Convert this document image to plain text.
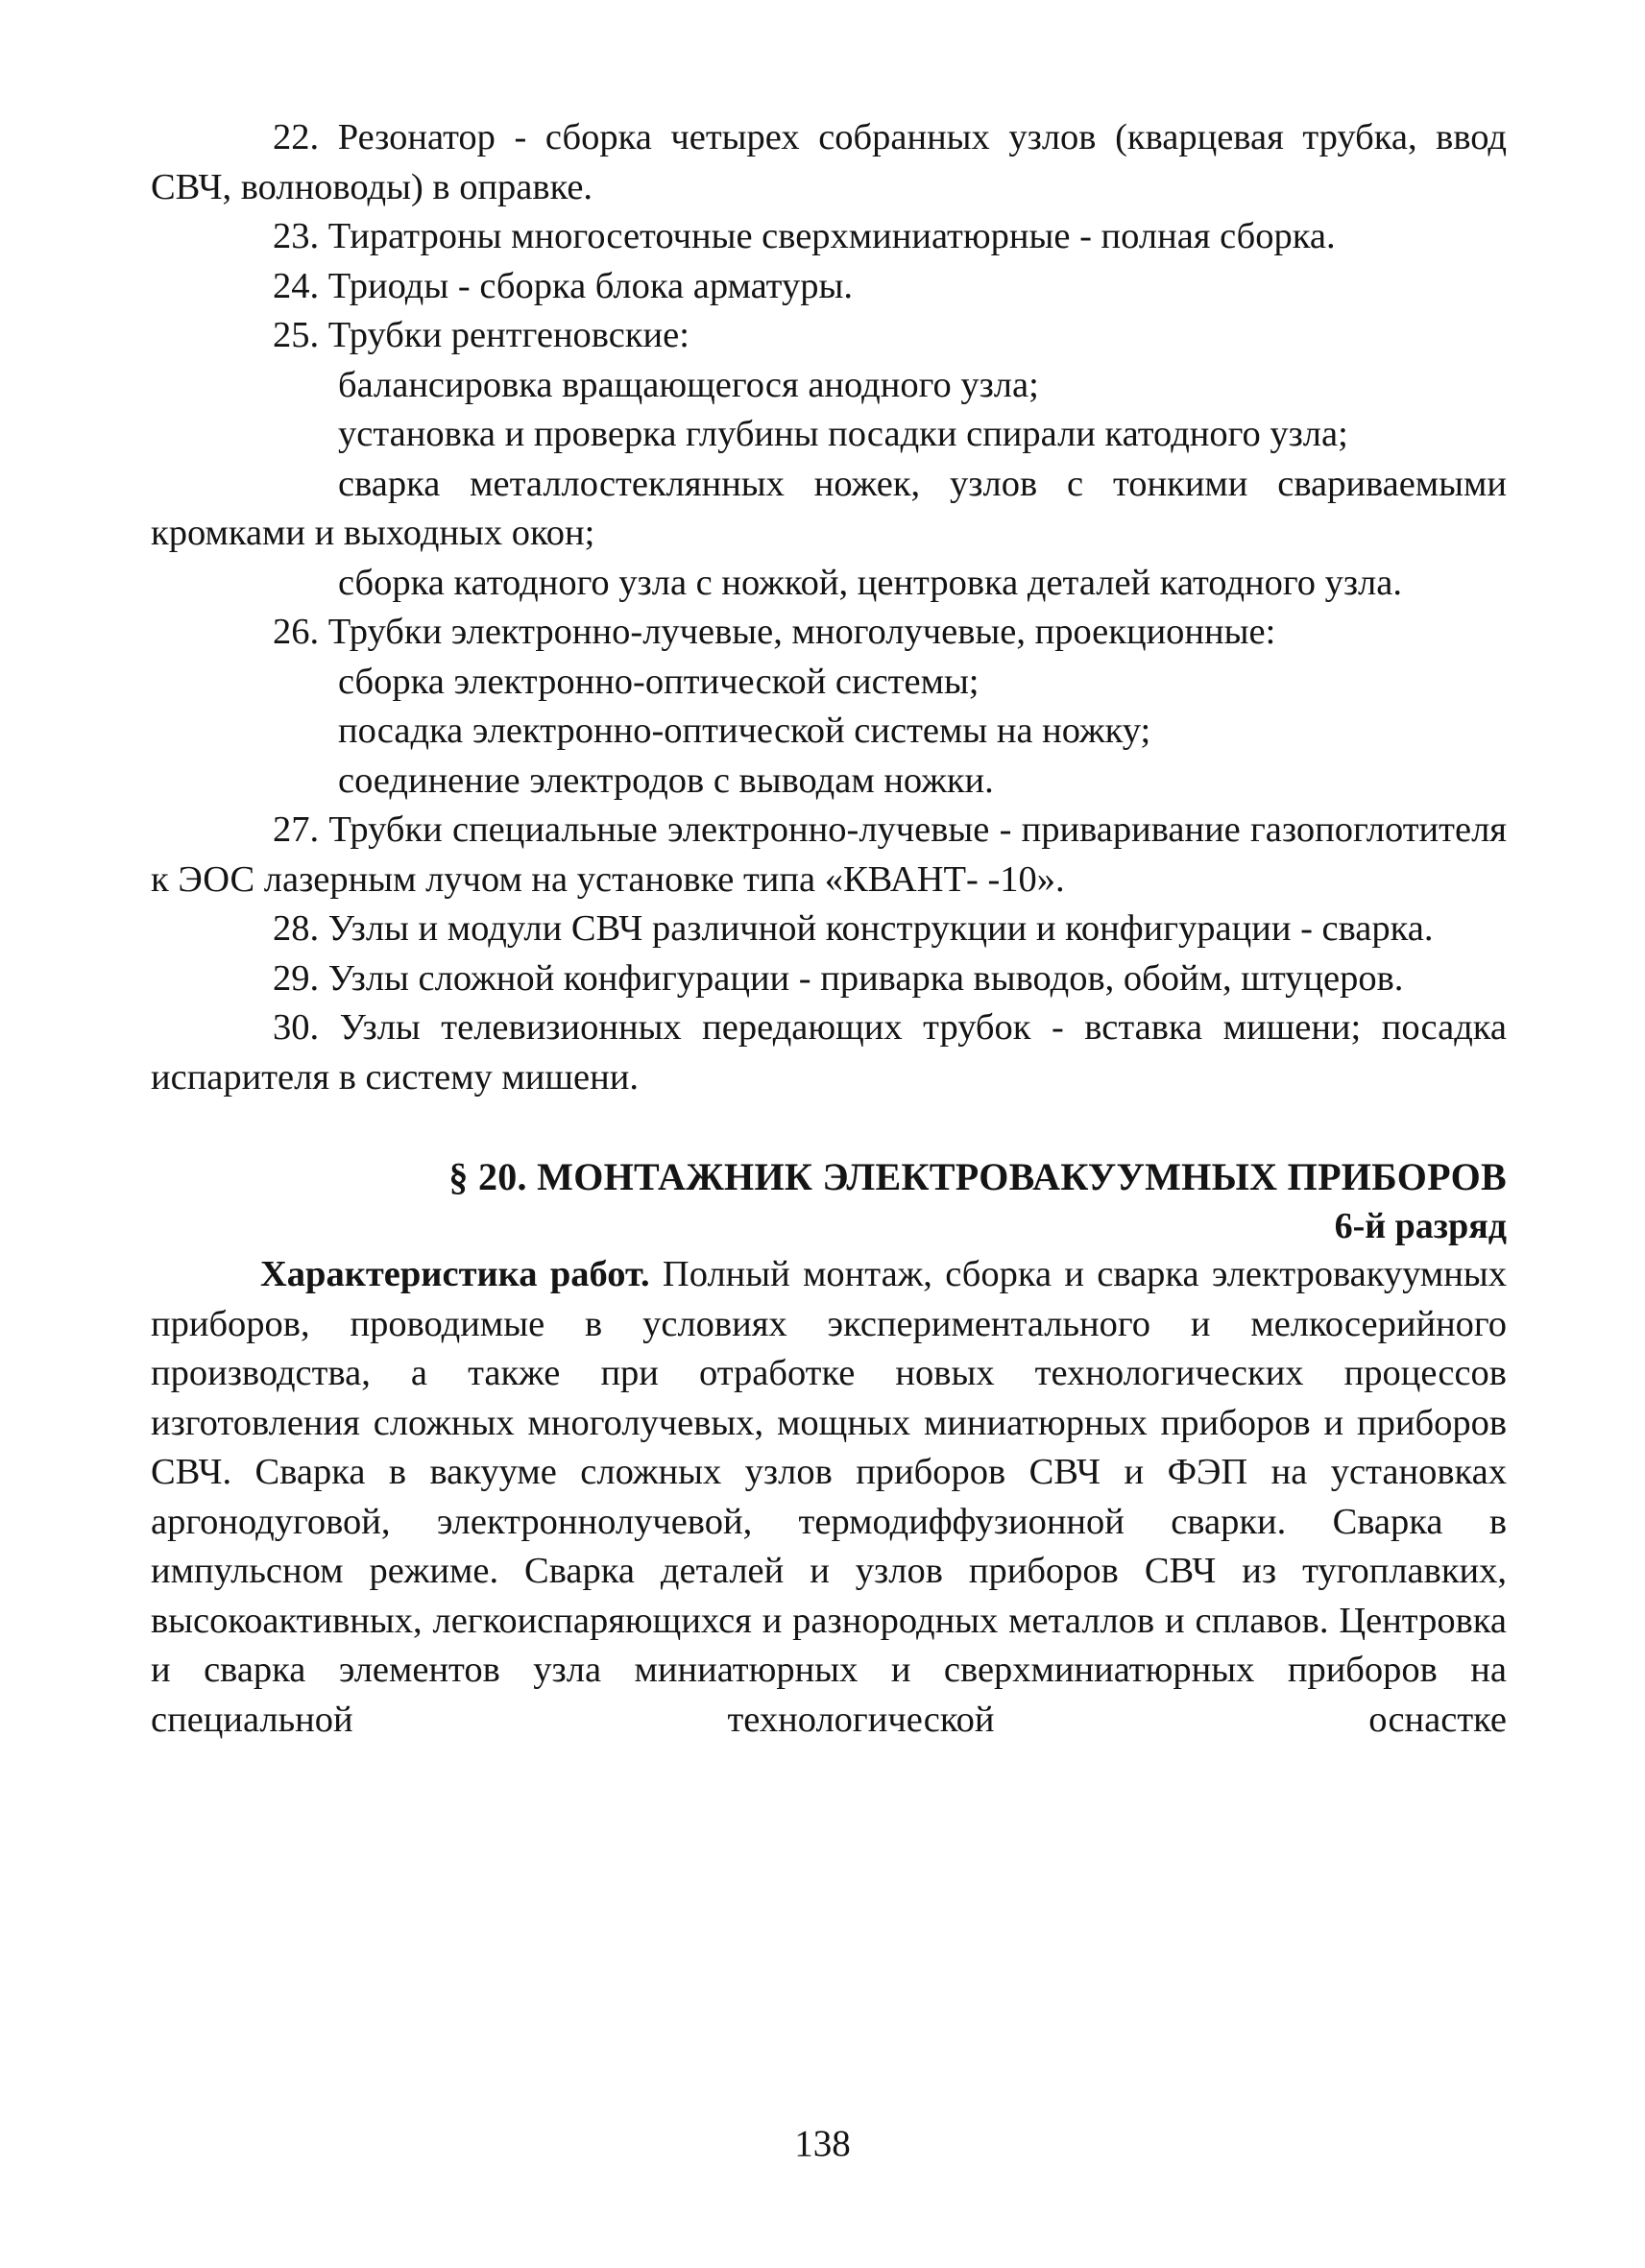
22. Резонатор - сборка четырех собранных узлов (кварцевая трубка, ввод СВЧ, волноводы) в оправке.

23. Тиратроны многосеточные сверхминиатюрные - полная сборка.

24. Триоды - сборка блока арматуры.

25. Трубки рентгеновские:

балансировка вращающегося анодного узла;

установка и проверка глубины посадки спирали катодного узла;

сварка металлостеклянных ножек, узлов с тонкими свариваемыми кромками и выходных окон;

сборка катодного узла с ножкой, центровка деталей катодного узла.

26. Трубки электронно-лучевые, многолучевые, проекционные:

сборка электронно-оптической системы;

посадка электронно-оптической системы на ножку;

соединение электродов с выводам ножки.

27. Трубки специальные электронно-лучевые - приваривание газопоглотителя к ЭОС лазерным лучом на установке типа «КВАНТ- -10».

28. Узлы и модули СВЧ различной конструкции и конфигурации - сварка.

29. Узлы сложной конфигурации - приварка выводов, обойм, штуцеров.

30. Узлы телевизионных передающих трубок - вставка мишени; посадка испарителя в систему мишени.

§ 20. МОНТАЖНИК ЭЛЕКТРОВАКУУМНЫХ ПРИБОРОВ

6-й разряд

Характеристика работ. Полный монтаж, сборка и сварка электровакуумных приборов, проводимые в условиях экспериментального и мелкосерийного производства, а также при отработке новых технологических процессов изготовления сложных многолучевых, мощных миниатюрных приборов и приборов СВЧ. Сварка в вакууме сложных узлов приборов СВЧ и ФЭП на установках аргонодуговой, электроннолучевой, термодиффузионной сварки. Сварка в импульсном режиме. Сварка деталей и узлов приборов СВЧ из тугоплавких, высокоактивных, легкоиспаряющихся и разнородных металлов и сплавов. Центровка и сварка элементов узла миниатюрных и сверхминиатюрных приборов на специальной технологической оснастке

138
